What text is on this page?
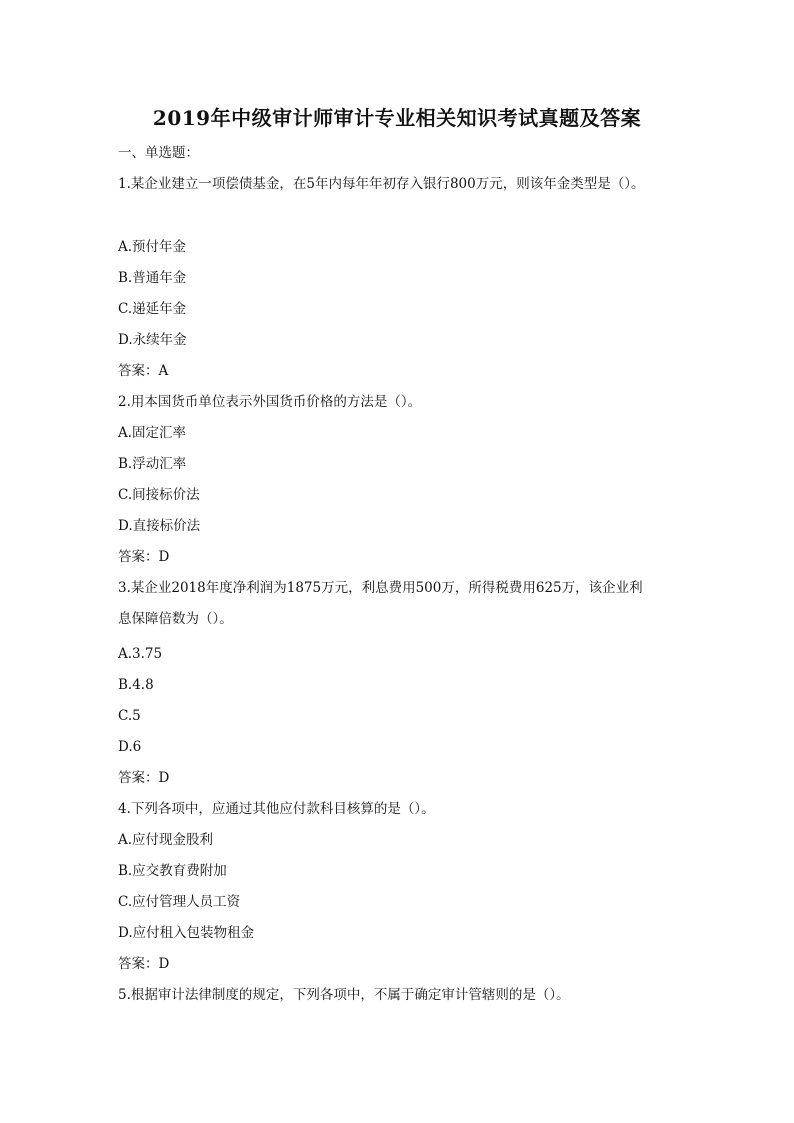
2019年中级审计师审计专业相关知识考试真题及答案
一、单选题：
1.某企业建立一项偿债基金，在5年内每年年初存入银行800万元，则该年金类型是（）。
A.预付年金
B.普通年金
C.递延年金
D.永续年金
答案：A
2.用本国货币单位表示外国货币价格的方法是（）。
A.固定汇率
B.浮动汇率
C.间接标价法
D.直接标价法
答案：D
3.某企业2018年度净利润为1875万元，利息费用500万，所得税费用625万，该企业利
息保障倍数为（）。
A.3.75
B.4.8
C.5
D.6
答案：D
4.下列各项中，应通过其他应付款科目核算的是（）。
A.应付现金股利
B.应交教育费附加
C.应付管理人员工资
D.应付租入包装物租金
答案：D
5.根据审计法律制度的规定，下列各项中，不属于确定审计管辖则的是（）。
